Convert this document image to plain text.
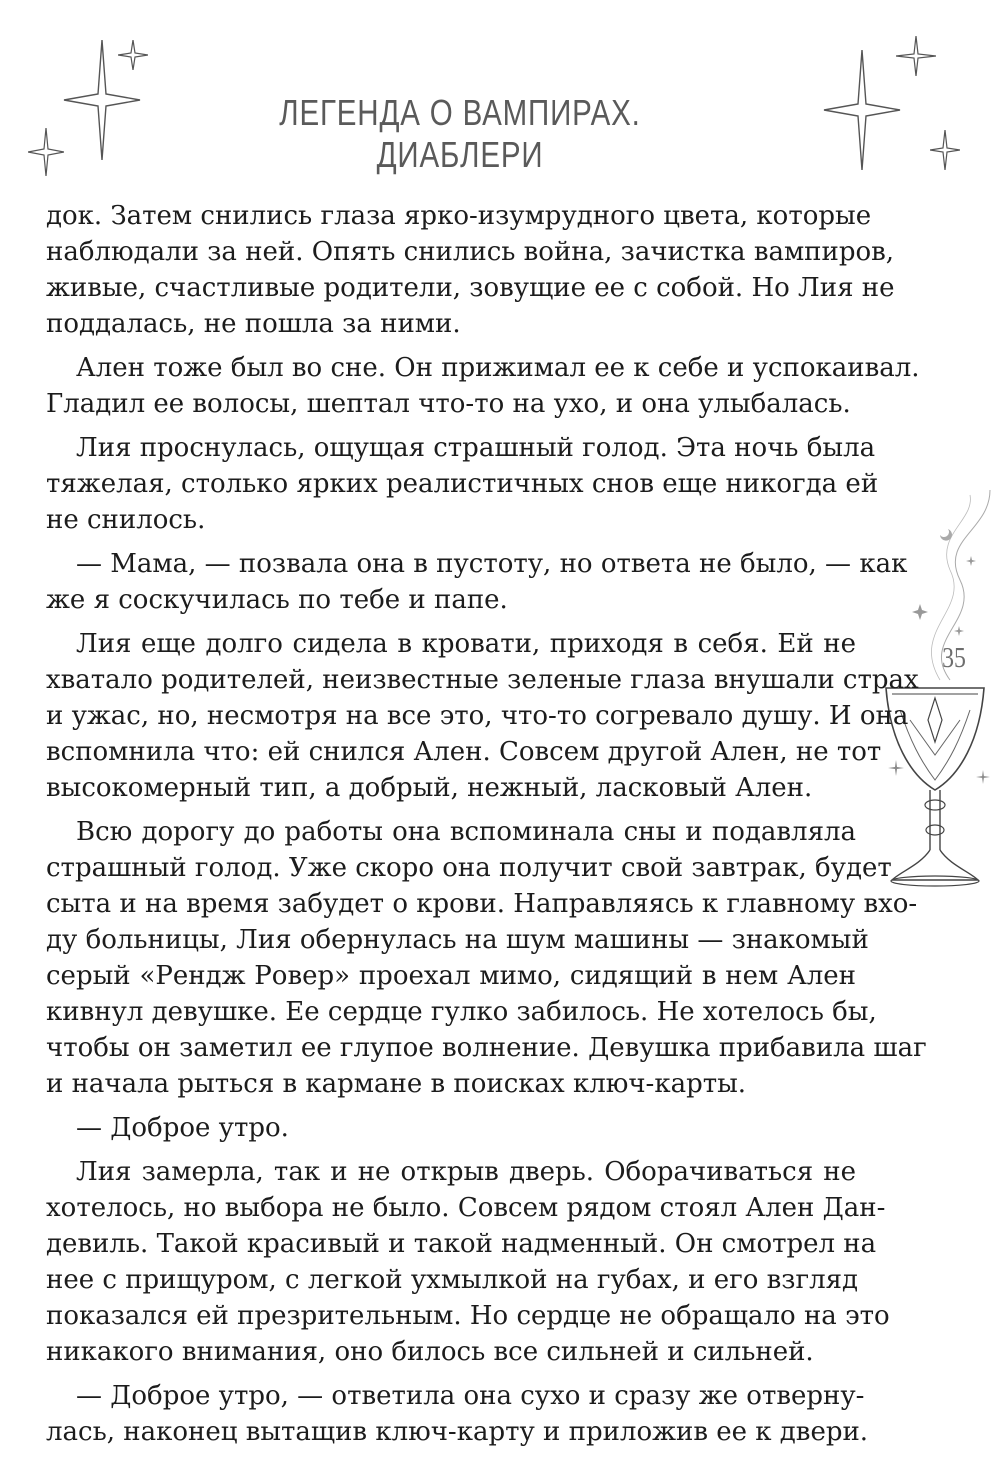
ЛЕГЕНДА О ВАМПИРАХ. ДИАБЛЕРИ
35
док. Затем снились глаза ярко-изумрудного цвета, которые
наблюдали за ней. Опять снились война, зачистка вампиров,
живые, счастливые родители, зовущие ее с собой. Но Лия не
поддалась, не пошла за ними.
Ален тоже был во сне. Он прижимал ее к себе и успокаивал.
Гладил ее волосы, шептал что-то на ухо, и она улыбалась.
Лия проснулась, ощущая страшный голод. Эта ночь была
тяжелая, столько ярких реалистичных снов еще никогда ей
не снилось.
— Мама, — позвала она в пустоту, но ответа не было, — как
же я соскучилась по тебе и папе.
Лия еще долго сидела в кровати, приходя в себя. Ей не
хватало родителей, неизвестные зеленые глаза внушали страх
и ужас, но, несмотря на все это, что-то согревало душу. И она
вспомнила что: ей снился Ален. Совсем другой Ален, не тот
высокомерный тип, а добрый, нежный, ласковый Ален.
Всю дорогу до работы она вспоминала сны и подавляла
страшный голод. Уже скоро она получит свой завтрак, будет
сыта и на время забудет о крови. Направляясь к главному вхо-
ду больницы, Лия обернулась на шум машины — знакомый
серый «Рендж Ровер» проехал мимо, сидящий в нем Ален
кивнул девушке. Ее сердце гулко забилось. Не хотелось бы,
чтобы он заметил ее глупое волнение. Девушка прибавила шаг
и начала рыться в кармане в поисках ключ-карты.
— Доброе утро.
Лия замерла, так и не открыв дверь. Оборачиваться не
хотелось, но выбора не было. Совсем рядом стоял Ален Дан-
девиль. Такой красивый и такой надменный. Он смотрел на
нее с прищуром, с легкой ухмылкой на губах, и его взгляд
показался ей презрительным. Но сердце не обращало на это
никакого внимания, оно билось все сильней и сильней.
— Доброе утро, — ответила она сухо и сразу же отверну-
лась, наконец вытащив ключ-карту и приложив ее к двери.
